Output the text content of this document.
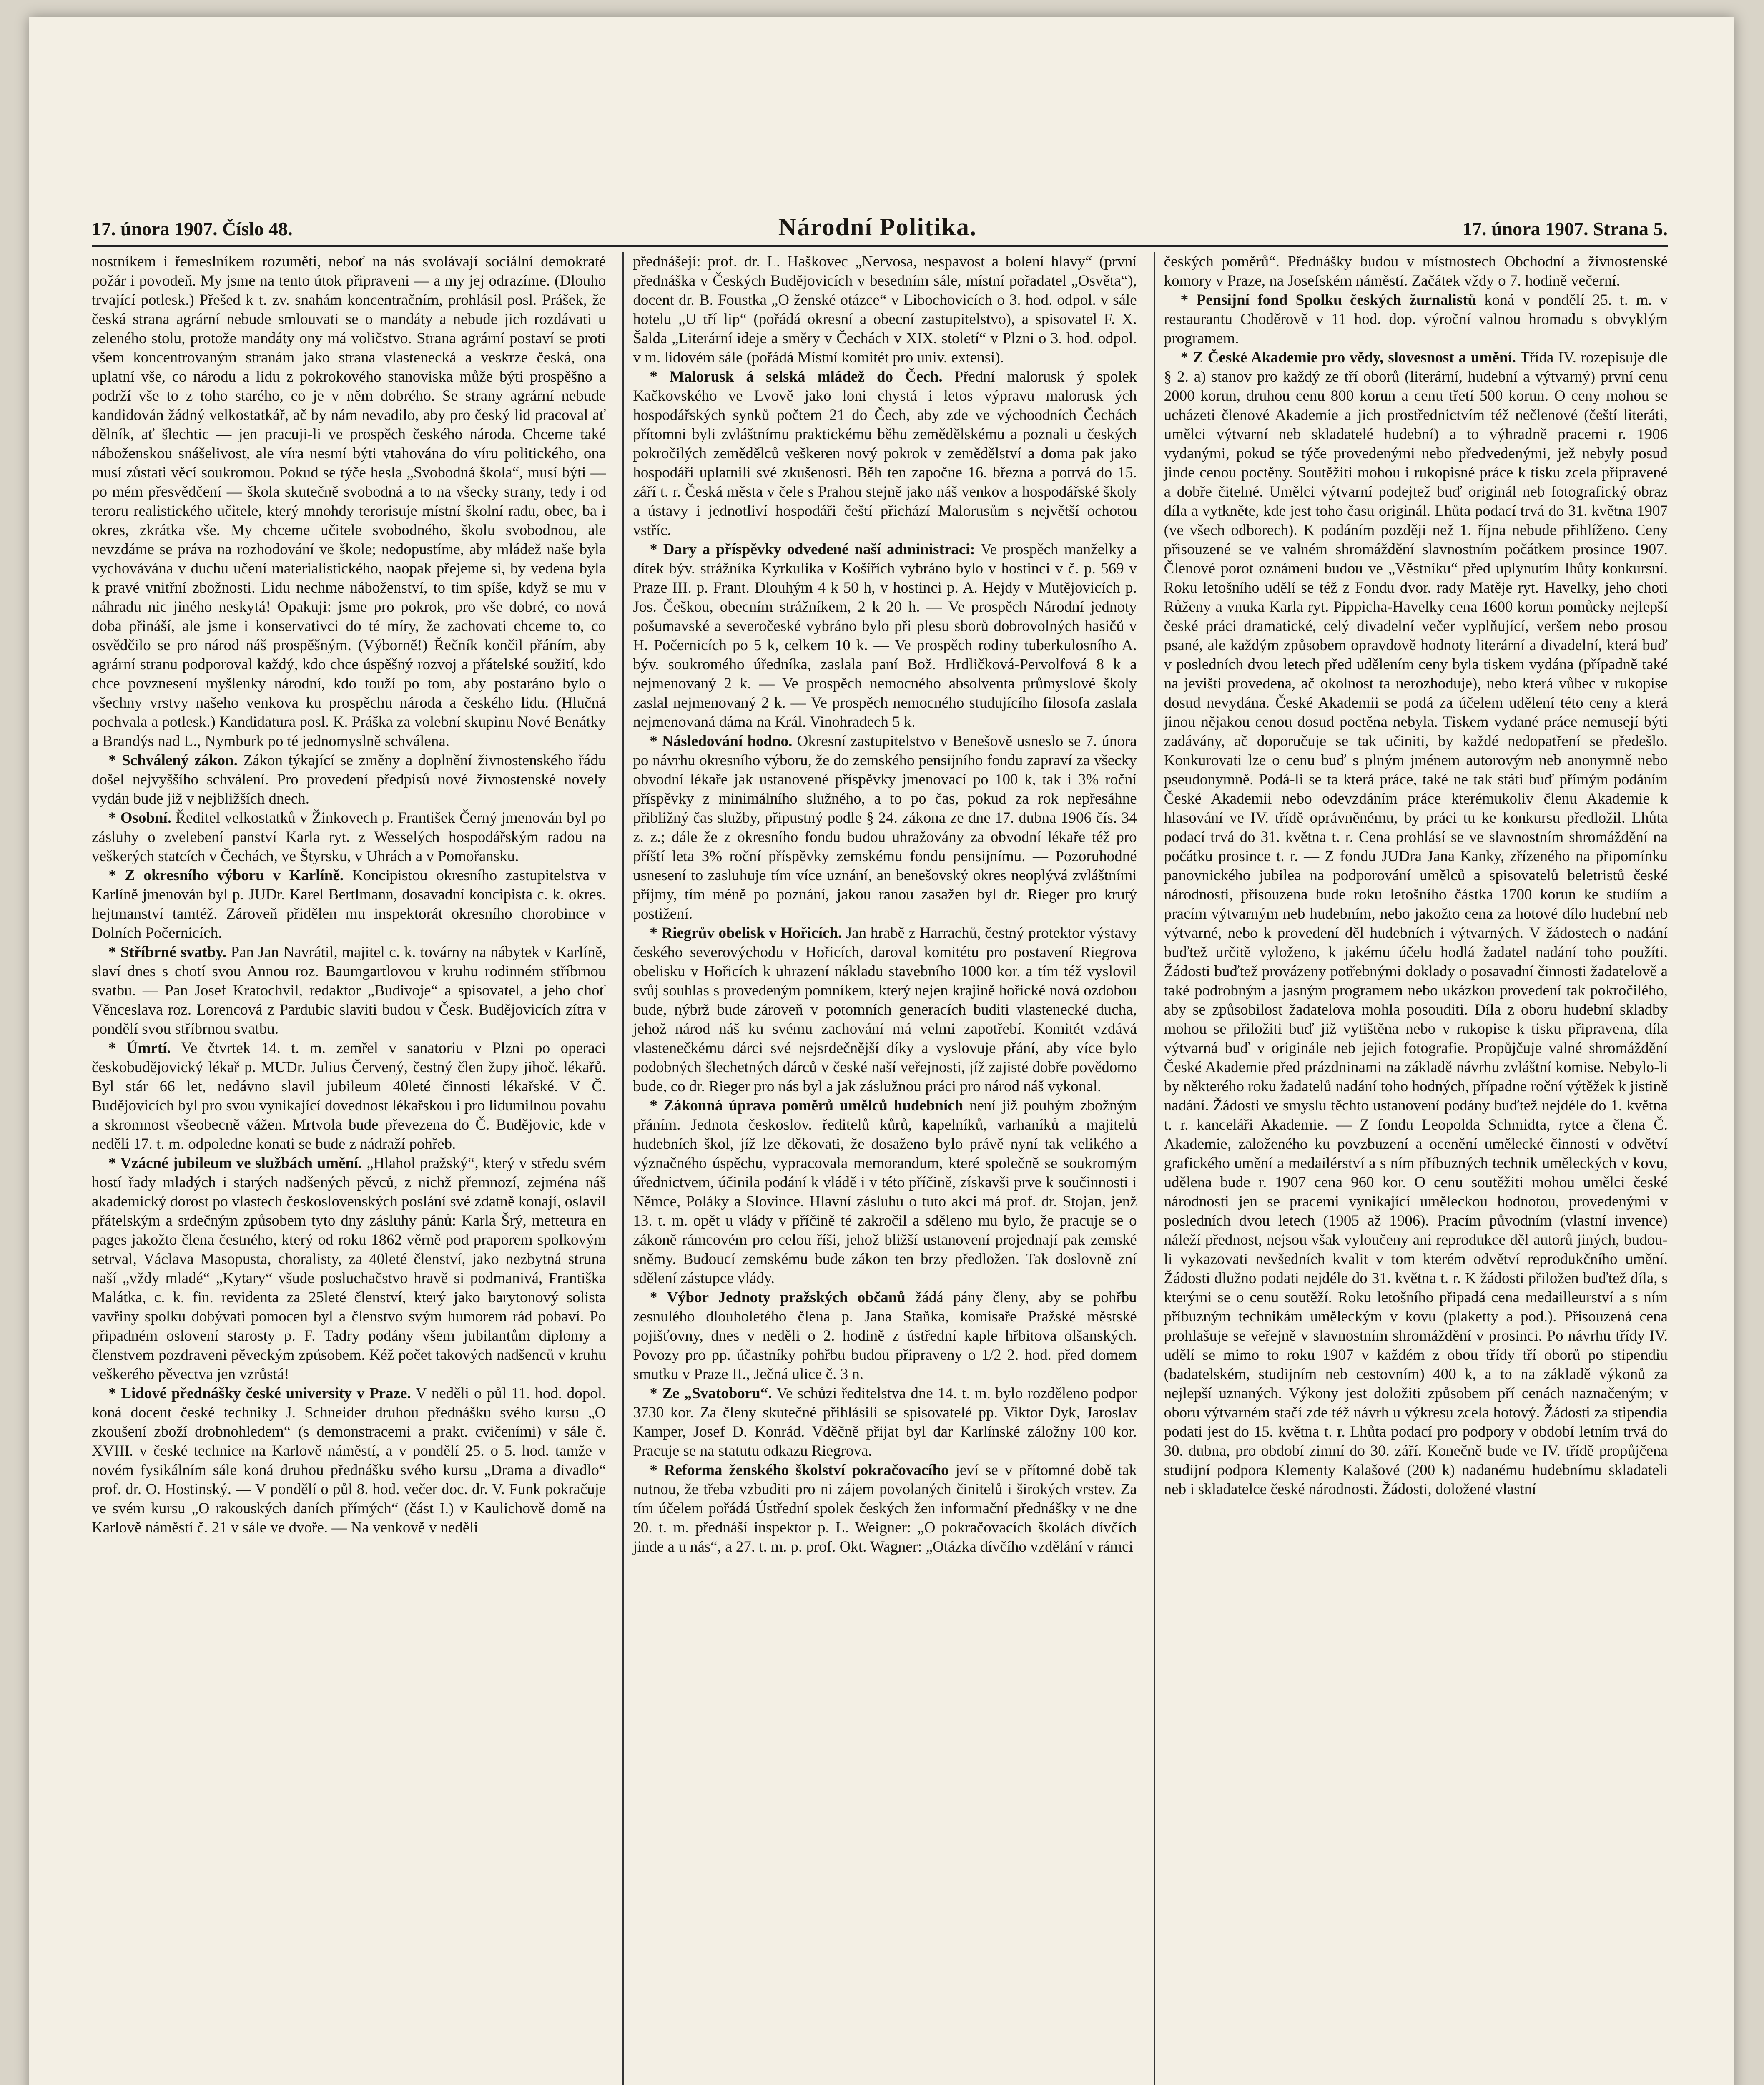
17. února 1907. Číslo 48.	Národní Politika.	17. února 1907. Strana 5.

nostníkem i řemeslníkem rozuměti, neboť na nás svolávají sociální demokraté požár i povodeň. My jsme na tento útok připraveni — a my jej odrazíme. (Dlouho trvající potlesk.) Přešed k t. zv. snahám koncentračním, prohlásil posl. Prášek, že česká strana agrární nebude smlouvati se o mandáty a nebude jich rozdávati u zeleného stolu, protože mandáty ony má voličstvo. Strana agrární postaví se proti všem koncentrovaným stranám jako strana vlastenecká a veskrze česká, ona uplatní vše, co národu a lidu z pokrokového stanoviska může býti prospěšno a podrží vše to z toho starého, co je v něm dobrého. Se strany agrární nebude kandidován žádný velkostatkář, ač by nám nevadilo, aby pro český lid pracoval ať dělník, ať šlechtic — jen pracuji-li ve prospěch českého národa. Chceme také náboženskou snášelivost, ale víra nesmí býti vtahována do víru politického, ona musí zůstati věcí soukromou. Pokud se týče hesla „Svobodná škola“, musí býti — po mém přesvědčení — škola skutečně svobodná a to na všecky strany, tedy i od teroru realistického učitele, který mnohdy terorisuje místní školní radu, obec, ba i okres, zkrátka vše. My chceme učitele svobodného, školu svobodnou, ale nevzdáme se práva na rozhodování ve škole; nedopustíme, aby mládež naše byla vychovávána v duchu učení materialistického, naopak přejeme si, by vedena byla k pravé vnitřní zbožnosti. Lidu nechme náboženství, to tim spíše, když se mu v náhradu nic jiného neskytá! Opakuji: jsme pro pokrok, pro vše dobré, co nová doba přináší, ale jsme i konservativci do té míry, že zachovati chceme to, co osvědčilo se pro národ náš prospěšným. (Výborně!) Řečník končil přáním, aby agrární stranu podporoval každý, kdo chce úspěšný rozvoj a přátelské soužití, kdo chce povznesení myšlenky národní, kdo touží po tom, aby postaráno bylo o všechny vrstvy našeho venkova ku prospěchu národa a českého lidu. (Hlučná pochvala a potlesk.) Kandidatura posl. K. Práška za volební skupinu Nové Benátky a Brandýs nad L., Nymburk po té jednomyslně schválena.

* Schválený zákon. Zákon týkající se změny a doplnění živnostenského řádu došel nejvyššího schválení. Pro provedení předpisů nové živnostenské novely vydán bude již v nejbližších dnech.

* Osobní. Ředitel velkostatků v Žinkovech p. František Černý jmenován byl po zásluhy o zvelebení panství Karla ryt. z Wesselých hospodářským radou na veškerých statcích v Čechách, ve Štyrsku, v Uhrách a v Pomořansku.

* Z okresního výboru v Karlíně. Koncipistou okresního zastupitelstva v Karlíně jmenován byl p. JUDr. Karel Bertlmann, dosavadní koncipista c. k. okres. hejtmanství tamtéž. Zároveň přidělen mu inspektorát okresního chorobince v Dolních Počernicích.

* Stříbrné svatby. Pan Jan Navrátil, majitel c. k. továrny na nábytek v Karlíně, slaví dnes s chotí svou Annou roz. Baumgartlovou v kruhu rodinném stříbrnou svatbu. — Pan Josef Kratochvil, redaktor „Budivoje“ a spisovatel, a jeho choť Věnceslava roz. Lorencová z Pardubic slaviti budou v Česk. Budějovicích zítra v pondělí svou stříbrnou svatbu.

* Úmrtí. Ve čtvrtek 14. t. m. zemřel v sanatoriu v Plzni po operaci českobudějovický lékař p. MUDr. Julius Červený, čestný člen župy jihoč. lékařů. Byl stár 66 let, nedávno slavil jubileum 40leté činnosti lékařské. V Č. Budějovicích byl pro svou vynikající dovednost lékařskou i pro lidumilnou povahu a skromnost všeobecně vážen. Mrtvola bude převezena do Č. Budějovic, kde v neděli 17. t. m. odpoledne konati se bude z nádraží pohřeb.

* Vzácné jubileum ve službách umění. „Hlahol pražský“, který v středu svém hostí řady mladých i starých nadšených pěvců, z nichž přemnozí, zejména náš akademický dorost po vlastech československých poslání své zdatně konají, oslavil přátelským a srdečným způsobem tyto dny zásluhy pánů: Karla Šrý, metteura en pages jakožto člena čestného, který od roku 1862 věrně pod praporem spolkovým setrval, Václava Masopusta, choralisty, za 40leté členství, jako nezbytná struna naší „vždy mladé“ „Kytary“ všude posluchačstvo hravě si podmanivá, Františka Malátka, c. k. fin. revidenta za 25leté členství, který jako barytonový solista vavřiny spolku dobývati pomocen byl a členstvo svým humorem rád pobaví. Po připadném oslovení starosty p. F. Tadry podány všem jubilantům diplomy a členstvem pozdraveni pěveckým způsobem. Kéž počet takových nadšenců v kruhu veškerého pěvectva jen vzrůstá!

* Lidové přednášky české university v Praze. V neděli o půl 11. hod. dopol. koná docent české techniky J. Schneider druhou přednášku svého kursu „O zkoušení zboží drobnohledem“ (s demonstracemi a prakt. cvičeními) v sále č. XVIII. v české technice na Karlově náměstí, a v pondělí 25. o 5. hod. tamže v novém fysikálním sále koná druhou přednášku svého kursu „Drama a divadlo“ prof. dr. O. Hostinský. — V pondělí o půl 8. hod. večer doc. dr. V. Funk pokračuje ve svém kursu „O rakouských daních přímých“ (část I.) v Kaulichově domě na Karlově náměstí č. 21 v sále ve dvoře. — Na venkově v neděli

přednášejí: prof. dr. L. Haškovec „Nervosa, nespavost a bolení hlavy“ (první přednáška v Českých Budějovicích v besedním sále, místní pořadatel „Osvěta“), docent dr. B. Foustka „O ženské otázce“ v Libochovicích o 3. hod. odpol. v sále hotelu „U tří lip“ (pořádá okresní a obecní zastupitelstvo), a spisovatel F. X. Šalda „Literární ideje a směry v Čechách v XIX. století“ v Plzni o 3. hod. odpol. v m. lidovém sále (pořádá Místní komitét pro univ. extensi).

* Malorusk á selská mládež do Čech. Přední malorusk ý spolek Kačkovského ve Lvově jako loni chystá i letos výpravu malorusk ých hospodářských synků počtem 21 do Čech, aby zde ve výchoodních Čechách přítomni byli zvláštnímu praktickému běhu zemědělskému a poznali u českých pokročilých zemědělců veškeren nový pokrok v zemědělství a doma pak jako hospodáři uplatnili své zkušenosti. Běh ten započne 16. března a potrvá do 15. září t. r. Česká města v čele s Prahou stejně jako náš venkov a hospodářské školy a ústavy i jednotliví hospodáři čeští přichází Malorusům s největší ochotou vstříc.

* Dary a příspěvky odvedené naší administraci: Ve prospěch manželky a dítek býv. strážníka Kyrkulika v Košířích vybráno bylo v hostinci v č. p. 569 v Praze III. p. Frant. Dlouhým 4 k 50 h, v hostinci p. A. Hejdy v Mutějovicích p. Jos. Češkou, obecním strážníkem, 2 k 20 h. — Ve prospěch Národní jednoty pošumavské a severočeské vybráno bylo při plesu sborů dobrovolných hasičů v H. Počernicích po 5 k, celkem 10 k. — Ve prospěch rodiny tuberkulosního A. býv. soukromého úředníka, zaslala paní Bož. Hrdličková-Pervolfová 8 k a nejmenovaný 2 k. — Ve prospěch nemocného absolventa průmyslové školy zaslal nejmenovaný 2 k. — Ve prospěch nemocného studujícího filosofa zaslala nejmenovaná dáma na Král. Vinohradech 5 k.

* Následování hodno. Okresní zastupitelstvo v Benešově usneslo se 7. února po návrhu okresního výboru, že do zemského pensijního fondu zapraví za všecky obvodní lékaře jak ustanovené příspěvky jmenovací po 100 k, tak i 3% roční příspěvky z minimálního služného, a to po čas, pokud za rok nepřesáhne přibližný čas služby, připustný podle § 24. zákona ze dne 17. dubna 1906 čís. 34 z. z.; dále že z okresního fondu budou uhražovány za obvodní lékaře též pro příští leta 3% roční příspěvky zemskému fondu pensijnímu. — Pozoruhodné usnesení to zasluhuje tím více uznání, an benešovský okres neoplývá zvláštními příjmy, tím méně po poznání, jakou ranou zasažen byl dr. Rieger pro krutý postižení.

* Riegrův obelisk v Hořicích. Jan hrabě z Harrachů, čestný protektor výstavy českého severovýchodu v Hořicích, daroval komitétu pro postavení Riegrova obelisku v Hořicích k uhrazení nákladu stavebního 1000 kor. a tím též vyslovil svůj souhlas s provedeným pomníkem, který nejen krajině hořické nová ozdobou bude, nýbrž bude zároveň v potomních generacích buditi vlastenecké ducha, jehož národ náš ku svému zachování má velmi zapotřebí. Komitét vzdává vlastenečkému dárci své nejsrdečnější díky a vyslovuje přání, aby více bylo podobných šlechetných dárců v české naší veřejnosti, jíž zajisté dobře povědomo bude, co dr. Rieger pro nás byl a jak záslužnou práci pro národ náš vykonal.

* Zákonná úprava poměrů umělců hudebních není již pouhým zbožným přáním. Jednota českoslov. ředitelů kůrů, kapelníků, varhaníků a majitelů hudebních škol, jíž lze děkovati, že dosaženo bylo právě nyní tak velikého a význačného úspěchu, vypracovala memorandum, které společně se soukromým úřednictvem, účinila podání k vládě i v této příčině, získavši prve k součinnosti i Němce, Poláky a Slovince. Hlavní zásluhu o tuto akci má prof. dr. Stojan, jenž 13. t. m. opět u vlády v příčině té zakročil a sděleno mu bylo, že pracuje se o zákoně rámcovém pro celou říši, jehož bližší ustanovení projednají pak zemské sněmy. Budoucí zemskému bude zákon ten brzy předložen. Tak doslovně zní sdělení zástupce vlády.

* Výbor Jednoty pražských občanů žádá pány členy, aby se pohřbu zesnulého dlouholetého člena p. Jana Staňka, komisaře Pražské městské pojišťovny, dnes v neděli o 2. hodině z ústřední kaple hřbitova olšanských. Povozy pro pp. účastníky pohřbu budou připraveny o 1/2 2. hod. před domem smutku v Praze II., Ječná ulice č. 3 n.

* Ze „Svatoboru“. Ve schůzi ředitelstva dne 14. t. m. bylo rozděleno podpor 3730 kor. Za členy skutečné přihlásili se spisovatelé pp. Viktor Dyk, Jaroslav Kamper, Josef D. Konrád. Vděčně přijat byl dar Karlínské záložny 100 kor. Pracuje se na statutu odkazu Riegrova.

* Reforma ženského školství pokračovacího jeví se v přítomné době tak nutnou, že třeba vzbuditi pro ni zájem povolaných činitelů i širokých vrstev. Za tím účelem pořádá Ústřední spolek českých žen informační přednášky v ne dne 20. t. m. přednáší inspektor p. L. Weigner: „O pokračovacích školách dívčích jinde a u nás“, a 27. t. m. p. prof. Okt. Wagner: „Otázka dívčího vzdělání v rámci

českých poměrů“. Přednášky budou v místnostech Obchodní a živnostenské komory v Praze, na Josefském náměstí. Začátek vždy o 7. hodině večerní.

* Pensijní fond Spolku českých žurnalistů koná v pondělí 25. t. m. v restaurantu Choděrově v 11 hod. dop. výroční valnou hromadu s obvyklým programem.

* Z České Akademie pro vědy, slovesnost a umění. Třída IV. rozepisuje dle § 2. a) stanov pro každý ze tří oborů (literární, hudební a výtvarný) první cenu 2000 korun, druhou cenu 800 korun a cenu třetí 500 korun. O ceny mohou se ucházeti členové Akademie a jich prostřednictvím též nečlenové (čeští literáti, umělci výtvarní neb skladatelé hudební) a to výhradně pracemi r. 1906 vydanými, pokud se týče provedenými nebo předvedenými, jež nebyly posud jinde cenou poctěny. Soutěžiti mohou i rukopisné práce k tisku zcela připravené a dobře čitelné. Umělci výtvarní podejtež buď originál neb fotografický obraz díla a vytkněte, kde jest toho času originál. Lhůta podací trvá do 31. května 1907 (ve všech odborech). K podáním později než 1. října nebude přihlíženo. Ceny přisouzené se ve valném shromáždění slavnostním počátkem prosince 1907. Členové porot oznámeni budou ve „Věstníku“ před uplynutím lhůty konkursní. Roku letošního udělí se též z Fondu dvor. rady Matěje ryt. Havelky, jeho choti Růženy a vnuka Karla ryt. Pippicha-Havelky cena 1600 korun pomůcky nejlepší české práci dramatické, celý divadelní večer vyplňující, veršem nebo prosou psané, ale každým způsobem opravdově hodnoty literární a divadelní, která buď v posledních dvou letech před udělením ceny byla tiskem vydána (případně také na jevišti provedena, ač okolnost ta nerozhoduje), nebo která vůbec v rukopise dosud nevydána. České Akademii se podá za účelem udělení této ceny a která jinou nějakou cenou dosud poctěna nebyla. Tiskem vydané práce nemusejí býti zadávány, ač doporučuje se tak učiniti, by každé nedopatření se předešlo. Konkurovati lze o cenu buď s plným jménem autorovým neb anonymně nebo pseudonymně. Podá-li se ta která práce, také ne tak státi buď přímým podáním České Akademii nebo odevzdáním práce kterémukoliv členu Akademie k hlasování ve IV. třídě oprávněnému, by práci tu ke konkursu předložil. Lhůta podací trvá do 31. května t. r. Cena prohlásí se ve slavnostním shromáždění na počátku prosince t. r. — Z fondu JUDra Jana Kanky, zřízeného na připomínku panovnického jubilea na podporování umělců a spisovatelů beletristů české národnosti, přisouzena bude roku letošního částka 1700 korun ke studiím a pracím výtvarným neb hudebním, nebo jakožto cena za hotové dílo hudební neb výtvarné, nebo k provedení děl hudebních i výtvarných. V žádostech o nadání buďtež určitě vyloženo, k jakému účelu hodlá žadatel nadání toho použíti. Žádosti buďtež provázeny potřebnými doklady o posavadní činnosti žadatelově a také podrobným a jasným programem nebo ukázkou provedení tak pokročilého, aby se způsobilost žadatelova mohla posouditi. Díla z oboru hudební skladby mohou se přiložiti buď již vytištěna nebo v rukopise k tisku připravena, díla výtvarná buď v originále neb jejich fotografie. Propůjčuje valné shromáždění České Akademie před prázdninami na základě návrhu zvláštní komise. Nebylo-li by některého roku žadatelů nadání toho hodných, případne roční výtěžek k jistině nadání. Žádosti ve smyslu těchto ustanovení podány buďtež nejdéle do 1. května t. r. kanceláři Akademie. — Z fondu Leopolda Schmidta, rytce a člena Č. Akademie, založeného ku povzbuzení a ocenění umělecké činnosti v odvětví grafického umění a medailérství a s ním příbuzných technik uměleckých v kovu, udělena bude r. 1907 cena 960 kor. O cenu soutěžiti mohou umělci české národnosti jen se pracemi vynikající uměleckou hodnotou, provedenými v posledních dvou letech (1905 až 1906). Pracím původním (vlastní invence) náleží přednost, nejsou však vyloučeny ani reprodukce děl autorů jiných, budou-li vykazovati nevšedních kvalit v tom kterém odvětví reprodukčního umění. Žádosti dlužno podati nejdéle do 31. května t. r. K žádosti přiložen buďtež díla, s kterými se o cenu soutěží. Roku letošního připadá cena medailleurství a s ním příbuzným technikám uměleckým v kovu (plaketty a pod.). Přisouzená cena prohlašuje se veřejně v slavnostním shromáždění v prosinci. Po návrhu třídy IV. udělí se mimo to roku 1907 v každém z obou třídy tří oborů po stipendiu (badatelském, studijním neb cestovním) 400 k, a to na základě výkonů za nejlepší uznaných. Výkony jest doložiti způsobem pří cenách naznačeným; v oboru výtvarném stačí zde též návrh u výkresu zcela hotový. Žádosti za stipendia podati jest do 15. května t. r. Lhůta podací pro podpory v období letním trvá do 30. dubna, pro období zimní do 30. září. Konečně bude ve IV. třídě propůjčena studijní podpora Klementy Kalašové (200 k) nadanému hudebnímu skladateli neb i skladatelce české národnosti. Žádosti, doložené vlastní
